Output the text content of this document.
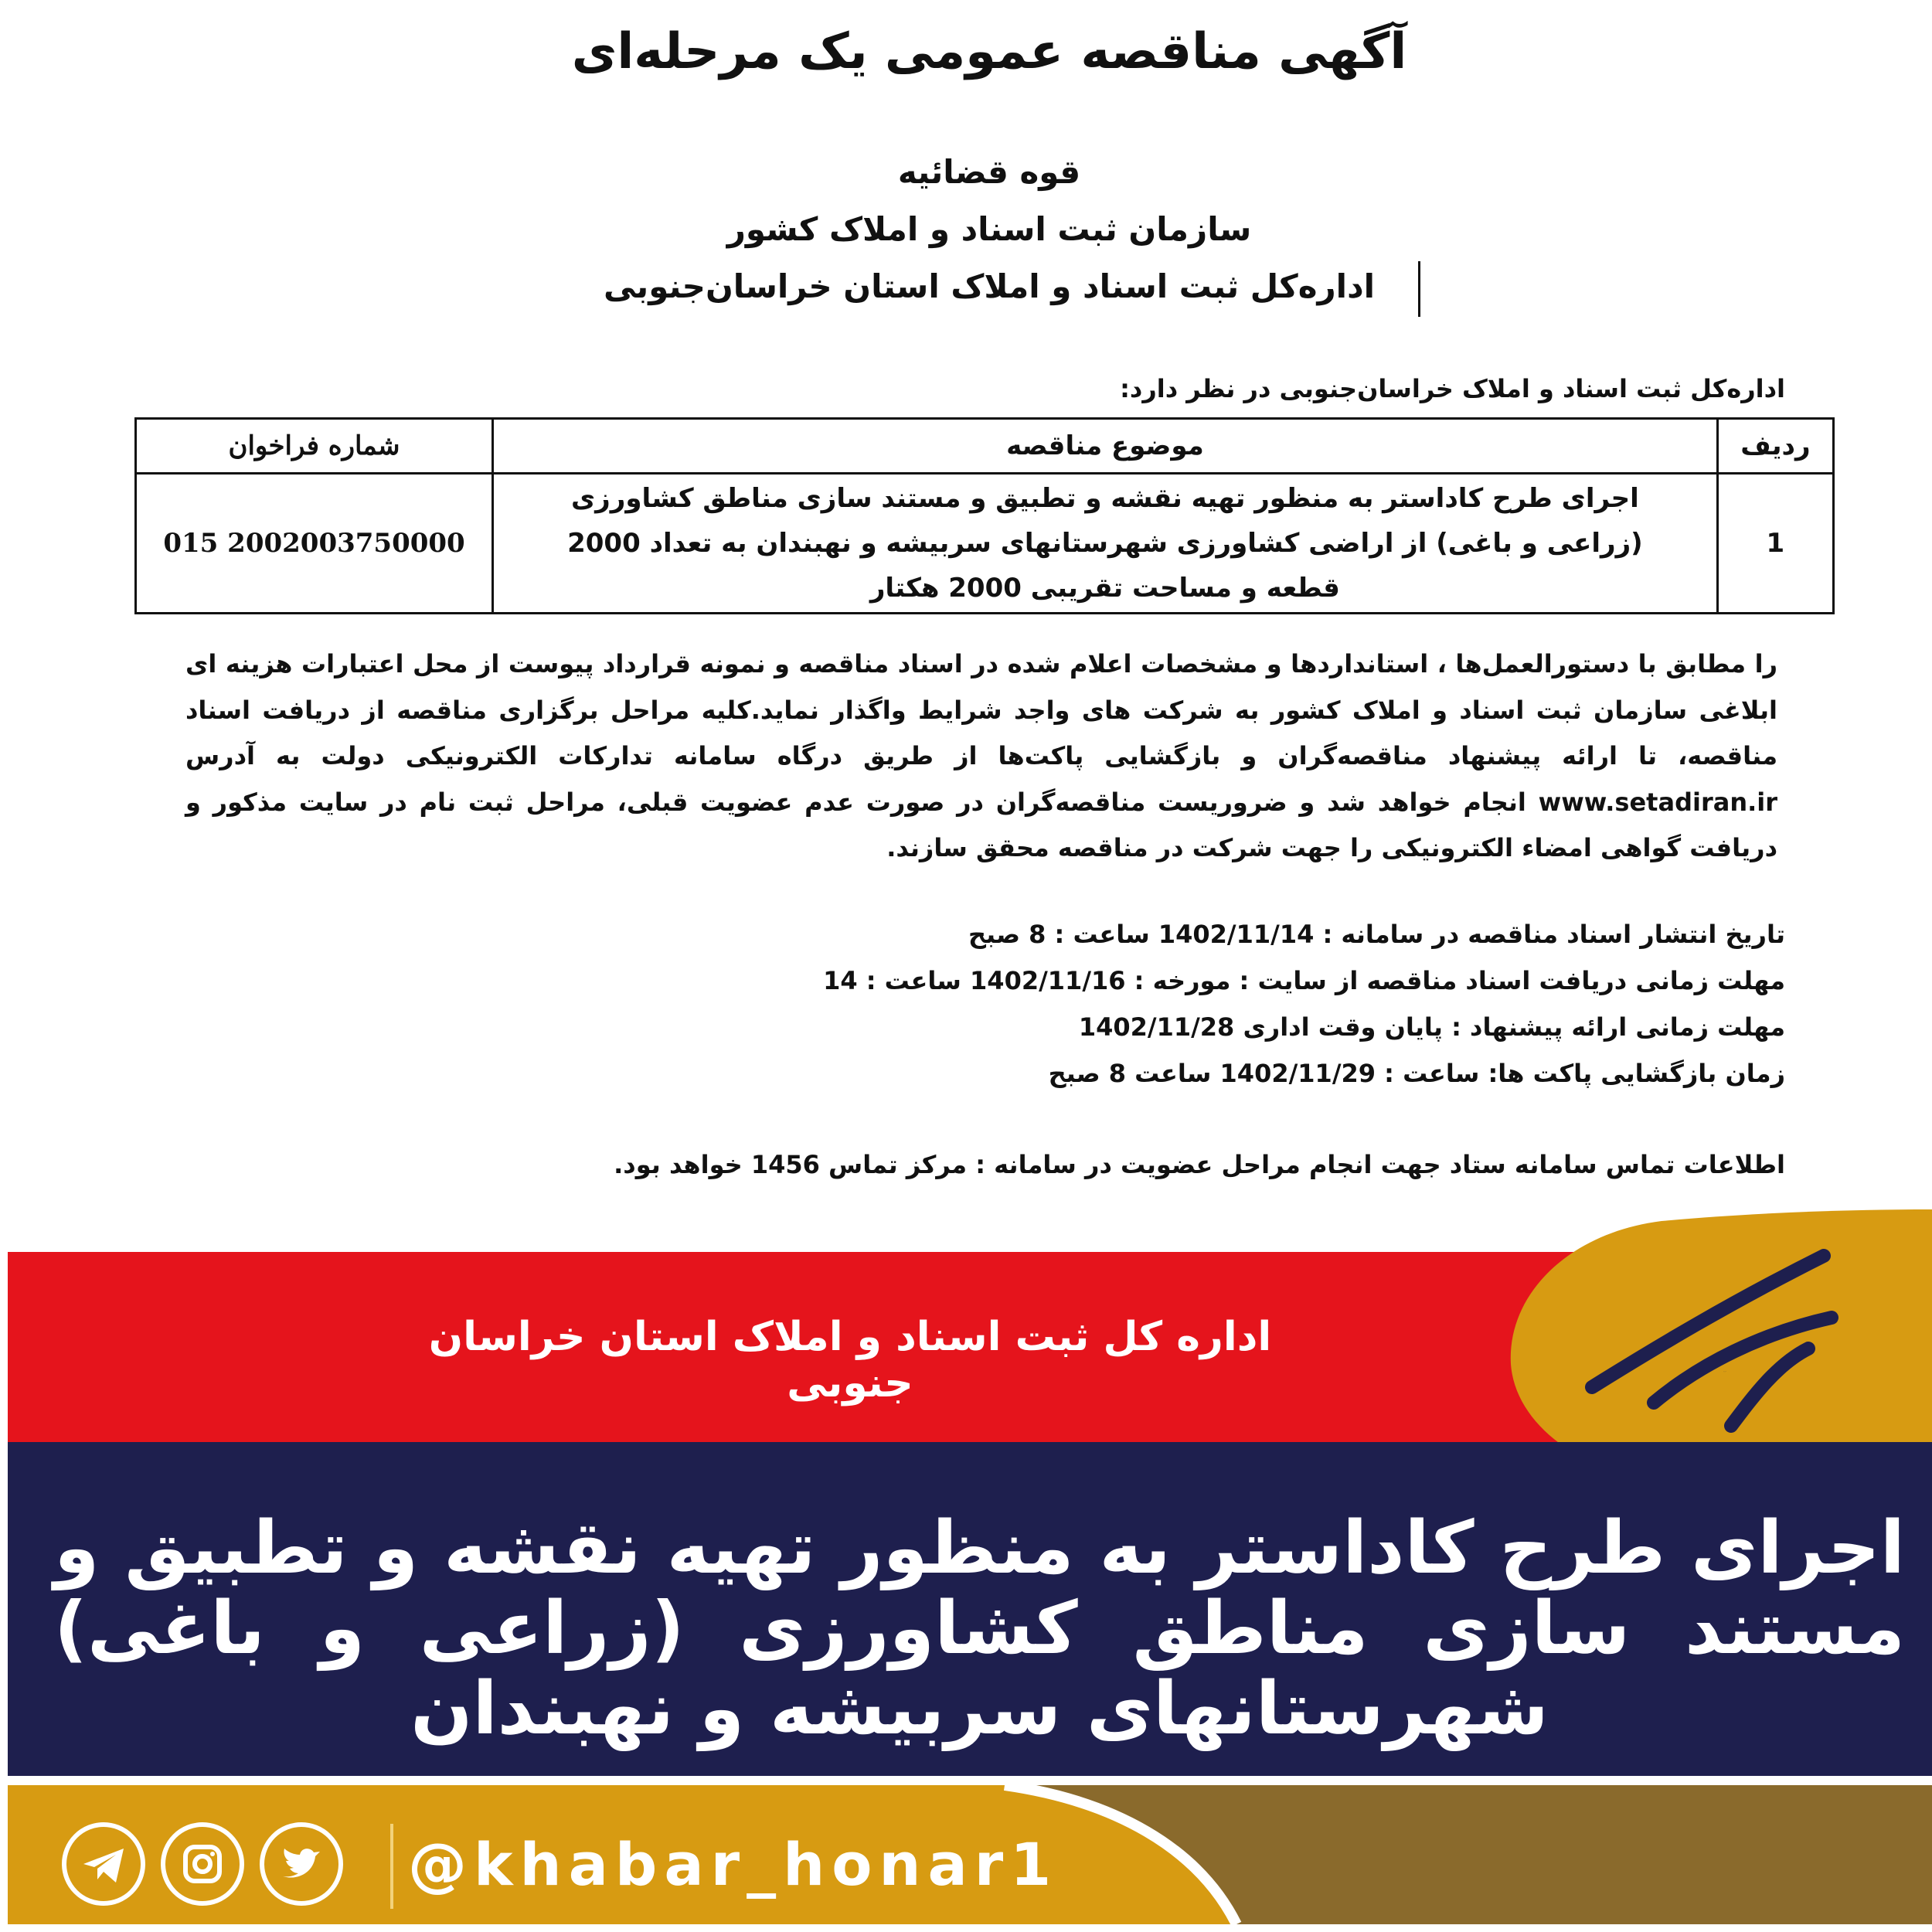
آگهی مناقصه عمومی یک مرحله‌ای
قوه قضائیه
سازمان ثبت اسناد و املاک کشور
اداره‌کل ثبت اسناد و املاک استان خراسان‌جنوبی
اداره‌کل ثبت اسناد و املاک خراسان‌جنوبی در نظر دارد:
ردیف	موضوع مناقصه	شماره فراخوان
1	اجرای طرح کاداستر به منظور تهیه نقشه و تطبیق و مستند سازی مناطق کشاورزی (زراعی و باغی) از اراضی کشاورزی شهرستانهای سربیشه و نهبندان به تعداد 2000 قطعه و مساحت تقریبی 2000 هکتار	2002003750000 015
را مطابق با دستورالعمل‌ها ، استانداردها و مشخصات اعلام شده در اسناد مناقصه و نمونه قرارداد پیوست از محل اعتبارات هزینه ای ابلاغی سازمان ثبت اسناد و املاک کشور به شرکت های واجد شرایط واگذار نماید.کلیه مراحل برگزاری مناقصه از دریافت اسناد مناقصه، تا ارائه پیشنهاد مناقصه‌گران و بازگشایی پاکت‌ها از طریق درگاه سامانه تدارکات الکترونیکی دولت به آدرس www.setadiran.ir انجام خواهد شد و ضروریست مناقصه‌گران در صورت عدم عضویت قبلی، مراحل ثبت نام در سایت مذکور و دریافت گواهی امضاء الکترونیکی را جهت شرکت در مناقصه محقق سازند.
تاریخ انتشار اسناد مناقصه در سامانه : 1402/11/14 ساعت : 8 صبح
مهلت زمانی دریافت اسناد مناقصه از سایت : مورخه : 1402/11/16 ساعت : 14
مهلت زمانی ارائه پیشنهاد : پایان وقت اداری 1402/11/28
زمان بازگشایی پاکت ها: ساعت : 1402/11/29 ساعت 8 صبح
اطلاعات تماس سامانه ستاد جهت انجام مراحل عضویت در سامانه : مرکز تماس 1456 خواهد بود.
اداره کل ثبت اسناد و املاک استان خراسان جنوبی	خبر و هنر
اجرای طرح کاداستر به منظور تهیه نقشه و تطبیق و مستند سازی مناطق کشاورزی (زراعی و باغی) شهرستانهای سربیشه و نهبندان
@khabar_honar1
